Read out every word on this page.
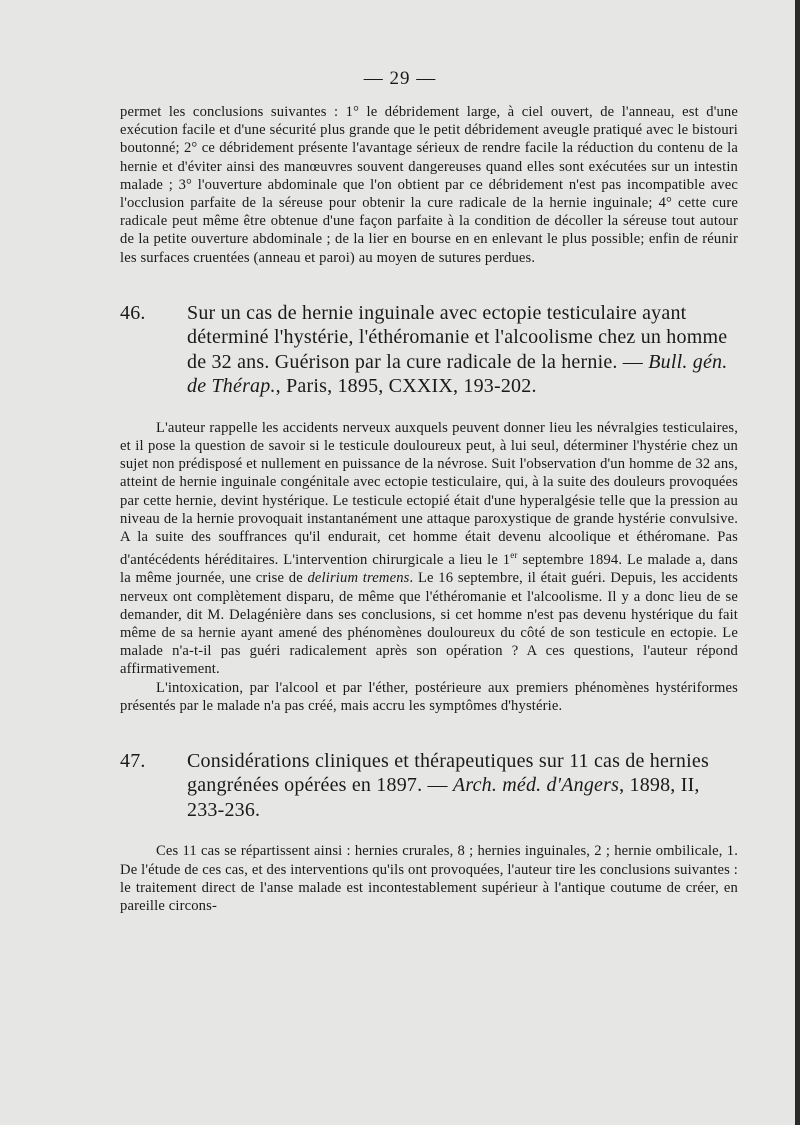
— 29 —

permet les conclusions suivantes : 1° le débridement large, à ciel ouvert, de l'anneau, est d'une exécution facile et d'une sécurité plus grande que le petit débridement aveugle pratiqué avec le bistouri boutonné; 2° ce débridement présente l'avantage sérieux de rendre facile la réduction du contenu de la hernie et d'éviter ainsi des manœuvres souvent dangereuses quand elles sont exécutées sur un intestin malade ; 3° l'ouverture abdominale que l'on obtient par ce débridement n'est pas incompatible avec l'occlusion parfaite de la séreuse pour obtenir la cure radicale de la hernie inguinale; 4° cette cure radicale peut même être obtenue d'une façon parfaite à la condition de décoller la séreuse tout autour de la petite ouverture abdominale ; de la lier en bourse en en enlevant le plus possible; enfin de réunir les surfaces cruentées (anneau et paroi) au moyen de sutures perdues.

46. Sur un cas de hernie inguinale avec ectopie testiculaire ayant déterminé l'hystérie, l'éthéromanie et l'alcoolisme chez un homme de 32 ans. Guérison par la cure radicale de la hernie. — Bull. gén. de Thérap., Paris, 1895, CXXIX, 193-202.

L'auteur rappelle les accidents nerveux auxquels peuvent donner lieu les névralgies testiculaires, et il pose la question de savoir si le testicule douloureux peut, à lui seul, déterminer l'hystérie chez un sujet non prédisposé et nullement en puissance de la névrose. Suit l'observation d'un homme de 32 ans, atteint de hernie inguinale congénitale avec ectopie testiculaire, qui, à la suite des douleurs provoquées par cette hernie, devint hystérique. Le testicule ectopié était d'une hyperalgésie telle que la pression au niveau de la hernie provoquait instantanément une attaque paroxystique de grande hystérie convulsive. A la suite des souffrances qu'il endurait, cet homme était devenu alcoolique et éthéromane. Pas d'antécédents héréditaires. L'intervention chirurgicale a lieu le 1er septembre 1894. Le malade a, dans la même journée, une crise de delirium tremens. Le 16 septembre, il était guéri. Depuis, les accidents nerveux ont complètement disparu, de même que l'éthéromanie et l'alcoolisme. Il y a donc lieu de se demander, dit M. Delagénière dans ses conclusions, si cet homme n'est pas devenu hystérique du fait même de sa hernie ayant amené des phénomènes douloureux du côté de son testicule en ectopie. Le malade n'a-t-il pas guéri radicalement après son opération ? A ces questions, l'auteur répond affirmativement.

L'intoxication, par l'alcool et par l'éther, postérieure aux premiers phénomènes hystériformes présentés par le malade n'a pas créé, mais accru les symptômes d'hystérie.

47. Considérations cliniques et thérapeutiques sur 11 cas de hernies gangrénées opérées en 1897. — Arch. méd. d'Angers, 1898, II, 233-236.

Ces 11 cas se répartissent ainsi : hernies crurales, 8 ; hernies inguinales, 2 ; hernie ombilicale, 1. De l'étude de ces cas, et des interventions qu'ils ont provoquées, l'auteur tire les conclusions suivantes : le traitement direct de l'anse malade est incontestablement supérieur à l'antique coutume de créer, en pareille circons-
